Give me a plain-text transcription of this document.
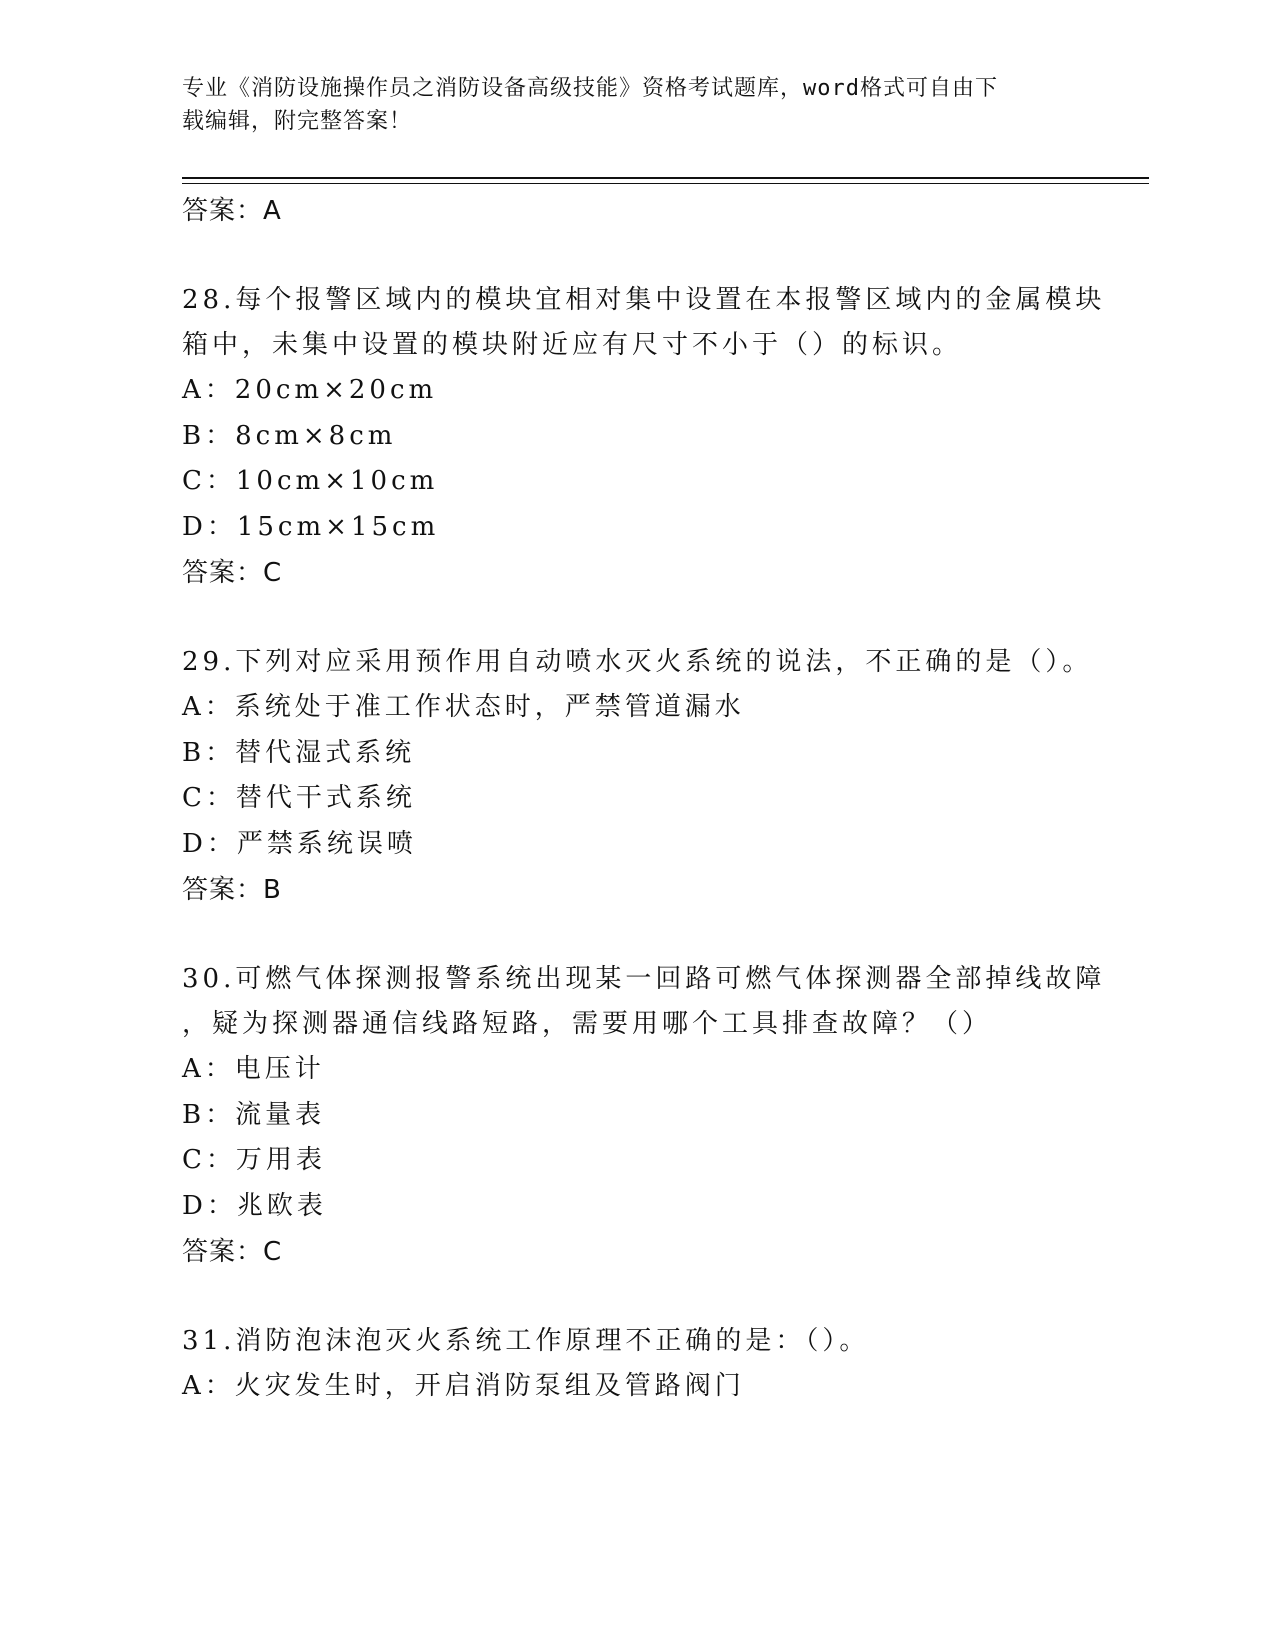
专业《消防设施操作员之消防设备高级技能》资格考试题库，word格式可自由下
载编辑，附完整答案！
答案：A
28.每个报警区域内的模块宜相对集中设置在本报警区域内的金属模块
箱中，未集中设置的模块附近应有尺寸不小于（）的标识。
A：20cm×20cm
B：8cm×8cm
C：10cm×10cm
D：15cm×15cm
答案：C
29.下列对应采用预作用自动喷水灭火系统的说法，不正确的是（）。
A：系统处于准工作状态时，严禁管道漏水
B：替代湿式系统
C：替代干式系统
D：严禁系统误喷
答案：B
30.可燃气体探测报警系统出现某一回路可燃气体探测器全部掉线故障
，疑为探测器通信线路短路，需要用哪个工具排查故障？（）
A：电压计
B：流量表
C：万用表
D：兆欧表
答案：C
31.消防泡沫泡灭火系统工作原理不正确的是：（）。
A：火灾发生时，开启消防泵组及管路阀门
